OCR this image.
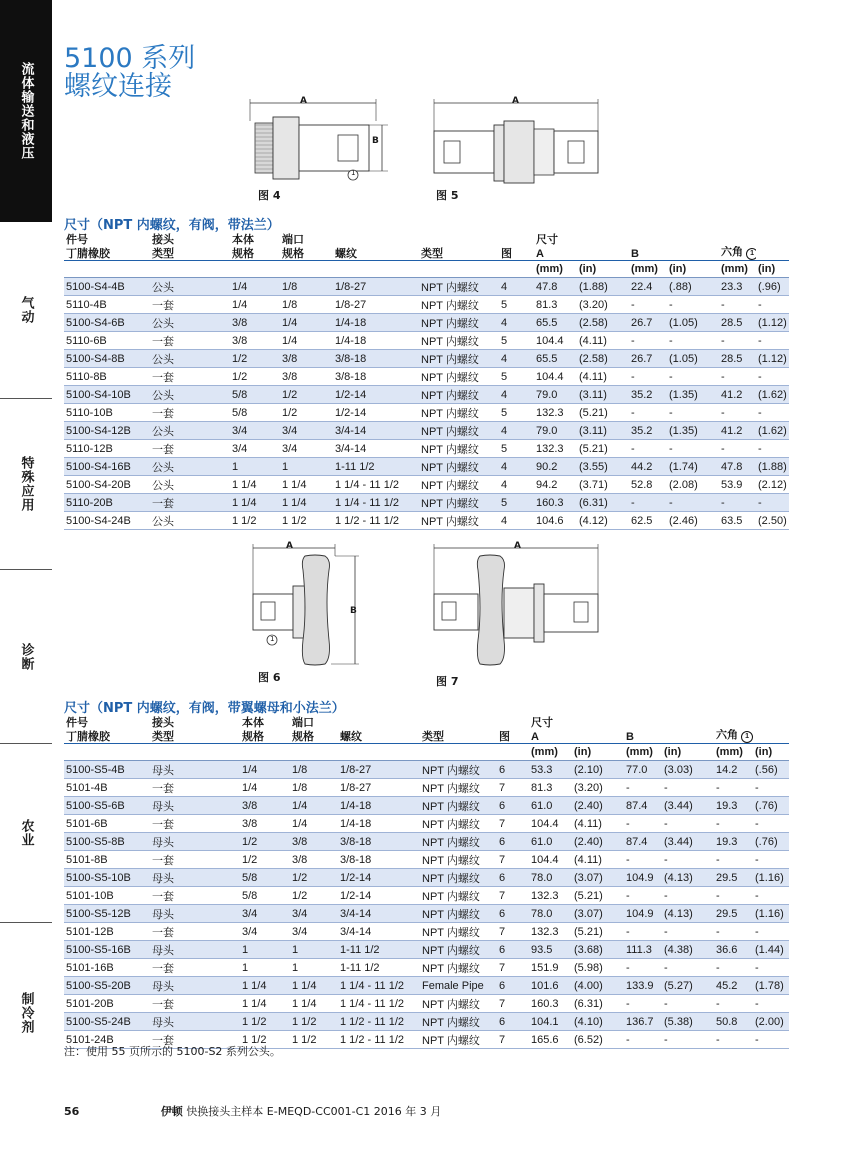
流体输送和液压
气动
特殊应用
诊断
农业
制冷剂
5100 系列
螺纹连接	A
B
1
图 4
A
图 5
尺寸（NPT 内螺纹，有阀，带法兰）
件号	接头	本体	端口				尺寸					
丁腈橡胶	类型	规格	规格	螺纹	类型	图	A		B		六角 1	
							(mm)	(in)	(mm)	(in)	(mm)	(in)
5100-S4-4B	公头	1/4	1/8	1/8-27	NPT 内螺纹	4	47.8	(1.88)	22.4	(.88)	23.3	(.96)
5110-4B	一套	1/4	1/8	1/8-27	NPT 内螺纹	5	81.3	(3.20)	-	-	-	-
5100-S4-6B	公头	3/8	1/4	1/4-18	NPT 内螺纹	4	65.5	(2.58)	26.7	(1.05)	28.5	(1.12)
5110-6B	一套	3/8	1/4	1/4-18	NPT 内螺纹	5	104.4	(4.11)	-	-	-	-
5100-S4-8B	公头	1/2	3/8	3/8-18	NPT 内螺纹	4	65.5	(2.58)	26.7	(1.05)	28.5	(1.12)
5110-8B	一套	1/2	3/8	3/8-18	NPT 内螺纹	5	104.4	(4.11)	-	-	-	-
5100-S4-10B	公头	5/8	1/2	1/2-14	NPT 内螺纹	4	79.0	(3.11)	35.2	(1.35)	41.2	(1.62)
5110-10B	一套	5/8	1/2	1/2-14	NPT 内螺纹	5	132.3	(5.21)	-	-	-	-
5100-S4-12B	公头	3/4	3/4	3/4-14	NPT 内螺纹	4	79.0	(3.11)	35.2	(1.35)	41.2	(1.62)
5110-12B	一套	3/4	3/4	3/4-14	NPT 内螺纹	5	132.3	(5.21)	-	-	-	-
5100-S4-16B	公头	1	1	1-11 1/2	NPT 内螺纹	4	90.2	(3.55)	44.2	(1.74)	47.8	(1.88)
5100-S4-20B	公头	1 1/4	1 1/4	1 1/4 - 11 1/2	NPT 内螺纹	4	94.2	(3.71)	52.8	(2.08)	53.9	(2.12)
5110-20B	一套	1 1/4	1 1/4	1 1/4 - 11 1/2	NPT 内螺纹	5	160.3	(6.31)	-	-	-	-
5100-S4-24B	公头	1 1/2	1 1/2	1 1/2 - 11 1/2	NPT 内螺纹	4	104.6	(4.12)	62.5	(2.46)	63.5	(2.50)
A
B
1
图 6
A
图 7
尺寸（NPT 内螺纹，有阀，带翼螺母和小法兰）
件号	接头	本体	端口				尺寸					
丁腈橡胶	类型	规格	规格	螺纹	类型	图	A		B		六角 1	
							(mm)	(in)	(mm)	(in)	(mm)	(in)
5100-S5-4B	母头	1/4	1/8	1/8-27	NPT 内螺纹	6	53.3	(2.10)	77.0	(3.03)	14.2	(.56)
5101-4B	一套	1/4	1/8	1/8-27	NPT 内螺纹	7	81.3	(3.20)	-	-	-	-
5100-S5-6B	母头	3/8	1/4	1/4-18	NPT 内螺纹	6	61.0	(2.40)	87.4	(3.44)	19.3	(.76)
5101-6B	一套	3/8	1/4	1/4-18	NPT 内螺纹	7	104.4	(4.11)	-	-	-	-
5100-S5-8B	母头	1/2	3/8	3/8-18	NPT 内螺纹	6	61.0	(2.40)	87.4	(3.44)	19.3	(.76)
5101-8B	一套	1/2	3/8	3/8-18	NPT 内螺纹	7	104.4	(4.11)	-	-	-	-
5100-S5-10B	母头	5/8	1/2	1/2-14	NPT 内螺纹	6	78.0	(3.07)	104.9	(4.13)	29.5	(1.16)
5101-10B	一套	5/8	1/2	1/2-14	NPT 内螺纹	7	132.3	(5.21)	-	-	-	-
5100-S5-12B	母头	3/4	3/4	3/4-14	NPT 内螺纹	6	78.0	(3.07)	104.9	(4.13)	29.5	(1.16)
5101-12B	一套	3/4	3/4	3/4-14	NPT 内螺纹	7	132.3	(5.21)	-	-	-	-
5100-S5-16B	母头	1	1	1-11 1/2	NPT 内螺纹	6	93.5	(3.68)	111.3	(4.38)	36.6	(1.44)
5101-16B	一套	1	1	1-11 1/2	NPT 内螺纹	7	151.9	(5.98)	-	-	-	-
5100-S5-20B	母头	1 1/4	1 1/4	1 1/4 - 11 1/2	Female Pipe	6	101.6	(4.00)	133.9	(5.27)	45.2	(1.78)
5101-20B	一套	1 1/4	1 1/4	1 1/4 - 11 1/2	NPT 内螺纹	7	160.3	(6.31)	-	-	-	-
5100-S5-24B	母头	1 1/2	1 1/2	1 1/2 - 11 1/2	NPT 内螺纹	6	104.1	(4.10)	136.7	(5.38)	50.8	(2.00)
5101-24B	一套	1 1/2	1 1/2	1 1/2 - 11 1/2	NPT 内螺纹	7	165.6	(6.52)	-	-	-	-
注：使用 55 页所示的 5100-S2 系列公头。
56	伊顿 快换接头主样本 E-MEQD-CC001-C1 2016 年 3 月
